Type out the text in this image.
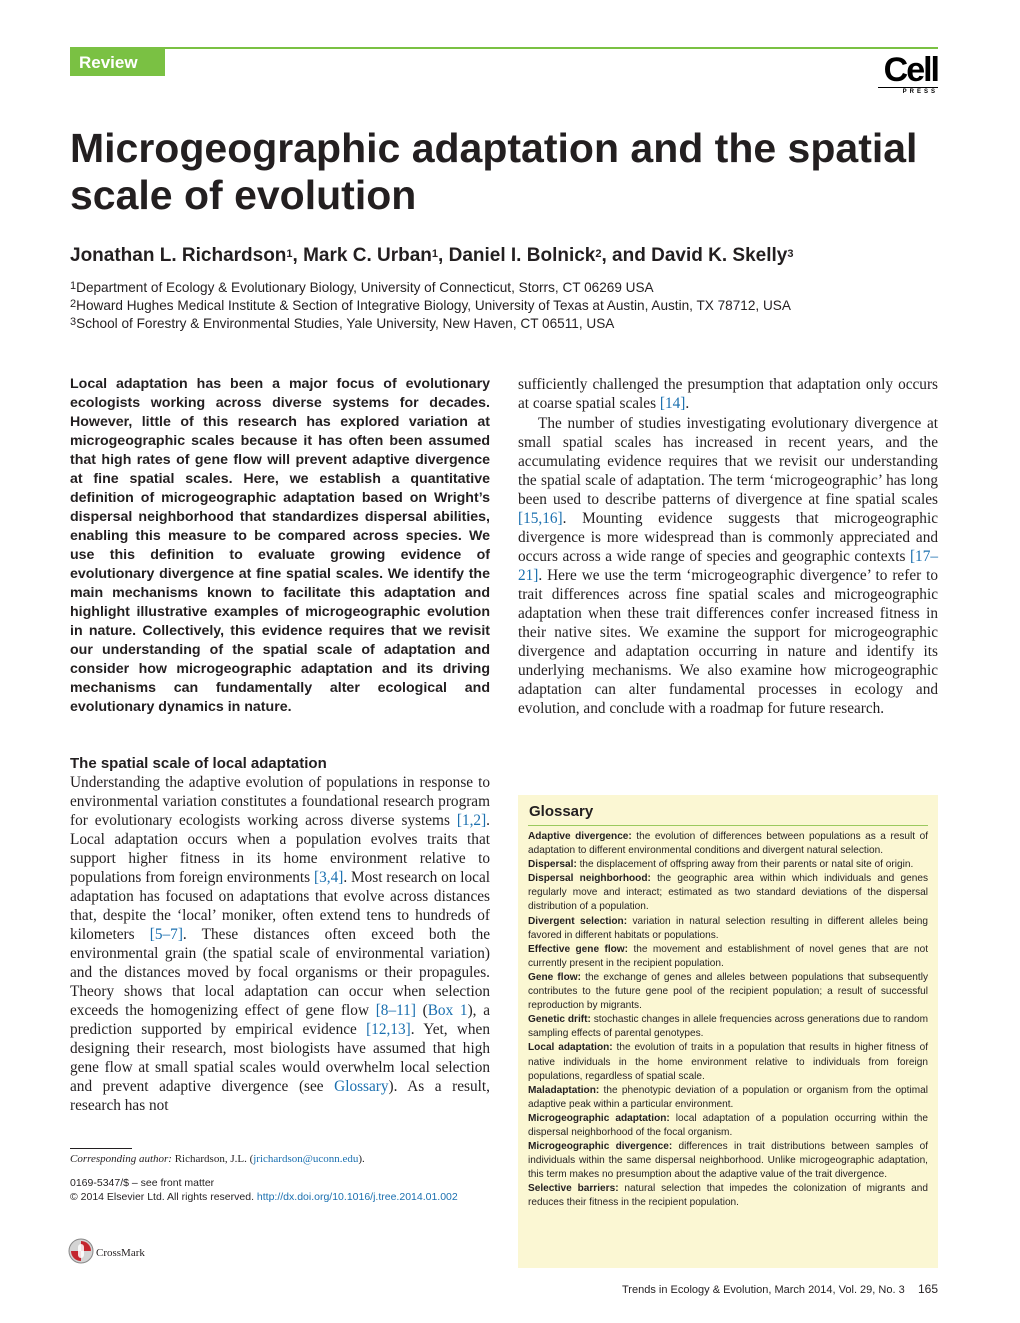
Review	Cell
PRESS
Microgeographic adaptation and the spatial scale of evolution
Jonathan L. Richardson$^1$, Mark C. Urban$^1$, Daniel I. Bolnick$^2$, and David K. Skelly$^3$
$^1$Department of Ecology & Evolutionary Biology, University of Connecticut, Storrs, CT 06269 USA
$^2$Howard Hughes Medical Institute & Section of Integrative Biology, University of Texas at Austin, Austin, TX 78712, USA
$^3$School of Forestry & Environmental Studies, Yale University, New Haven, CT 06511, USA

Local adaptation has been a major focus of evolutionary ecologists working across diverse systems for decades. However, little of this research has explored variation at microgeographic scales because it has often been assumed that high rates of gene flow will prevent adaptive divergence at fine spatial scales. Here, we establish a quantitative definition of microgeographic adaptation based on Wright’s dispersal neighborhood that standardizes dispersal abilities, enabling this measure to be compared across species. We use this definition to evaluate growing evidence of evolutionary divergence at fine spatial scales. We identify the main mechanisms known to facilitate this adaptation and highlight illustrative examples of microgeographic evolution in nature. Collectively, this evidence requires that we revisit our understanding of the spatial scale of adaptation and consider how microgeographic adaptation and its driving mechanisms can fundamentally alter ecological and evolutionary dynamics in nature.

The spatial scale of local adaptation

Understanding the adaptive evolution of populations in response to environmental variation constitutes a foundational research program for evolutionary ecologists working across diverse systems [1,2]. Local adaptation occurs when a population evolves traits that support higher fitness in its home environment relative to populations from foreign environments [3,4]. Most research on local adaptation has focused on adaptations that evolve across distances that, despite the ‘local’ moniker, often extend tens to hundreds of kilometers [5–7]. These distances often exceed both the environmental grain (the spatial scale of environmental variation) and the distances moved by focal organisms or their propagules. Theory shows that local adaptation can occur when selection exceeds the homogenizing effect of gene flow [8–11] (Box 1), a prediction supported by empirical evidence [12,13]. Yet, when designing their research, most biologists have assumed that high gene flow at small spatial scales would overwhelm local selection and prevent adaptive divergence (see Glossary). As a result, research has not

sufficiently challenged the presumption that adaptation only occurs at coarse spatial scales [14].

The number of studies investigating evolutionary divergence at small spatial scales has increased in recent years, and the accumulating evidence requires that we revisit our understanding the spatial scale of adaptation. The term ‘microgeographic’ has long been used to describe patterns of divergence at fine spatial scales [15,16]. Mounting evidence suggests that microgeographic divergence is more widespread than is commonly appreciated and occurs across a wide range of species and geographic contexts [17–21]. Here we use the term ‘microgeographic divergence’ to refer to trait differences across fine spatial scales and microgeographic adaptation when these trait differences confer increased fitness in their native sites. We examine the support for microgeographic divergence and adaptation occurring in nature and identify its underlying mechanisms. We also examine how microgeographic adaptation can alter fundamental processes in ecology and evolution, and conclude with a roadmap for future research.

Glossary

Adaptive divergence: the evolution of differences between populations as a result of adaptation to different environmental conditions and divergent natural selection.

Dispersal: the displacement of offspring away from their parents or natal site of origin.

Dispersal neighborhood: the geographic area within which individuals and genes regularly move and interact; estimated as two standard deviations of the dispersal distribution of a population.

Divergent selection: variation in natural selection resulting in different alleles being favored in different habitats or populations.

Effective gene flow: the movement and establishment of novel genes that are not currently present in the recipient population.

Gene flow: the exchange of genes and alleles between populations that subsequently contributes to the future gene pool of the recipient population; a result of successful reproduction by migrants.

Genetic drift: stochastic changes in allele frequencies across generations due to random sampling effects of parental genotypes.

Local adaptation: the evolution of traits in a population that results in higher fitness of native individuals in the home environment relative to individuals from foreign populations, regardless of spatial scale.

Maladaptation: the phenotypic deviation of a population or organism from the optimal adaptive peak within a particular environment.

Microgeographic adaptation: local adaptation of a population occurring within the dispersal neighborhood of the focal organism.

Microgeographic divergence: differences in trait distributions between samples of individuals within the same dispersal neighborhood. Unlike microgeographic adaptation, this term makes no presumption about the adaptive value of the trait divergence.

Selective barriers: natural selection that impedes the colonization of migrants and reduces their fitness in the recipient population.

Corresponding author: Richardson, J.L. (jrichardson@uconn.edu).
0169-5347/$ – see front matter
© 2014 Elsevier Ltd. All rights reserved. http://dx.doi.org/10.1016/j.tree.2014.01.002
CrossMark
Trends in Ecology & Evolution, March 2014, Vol. 29, No. 3 165
